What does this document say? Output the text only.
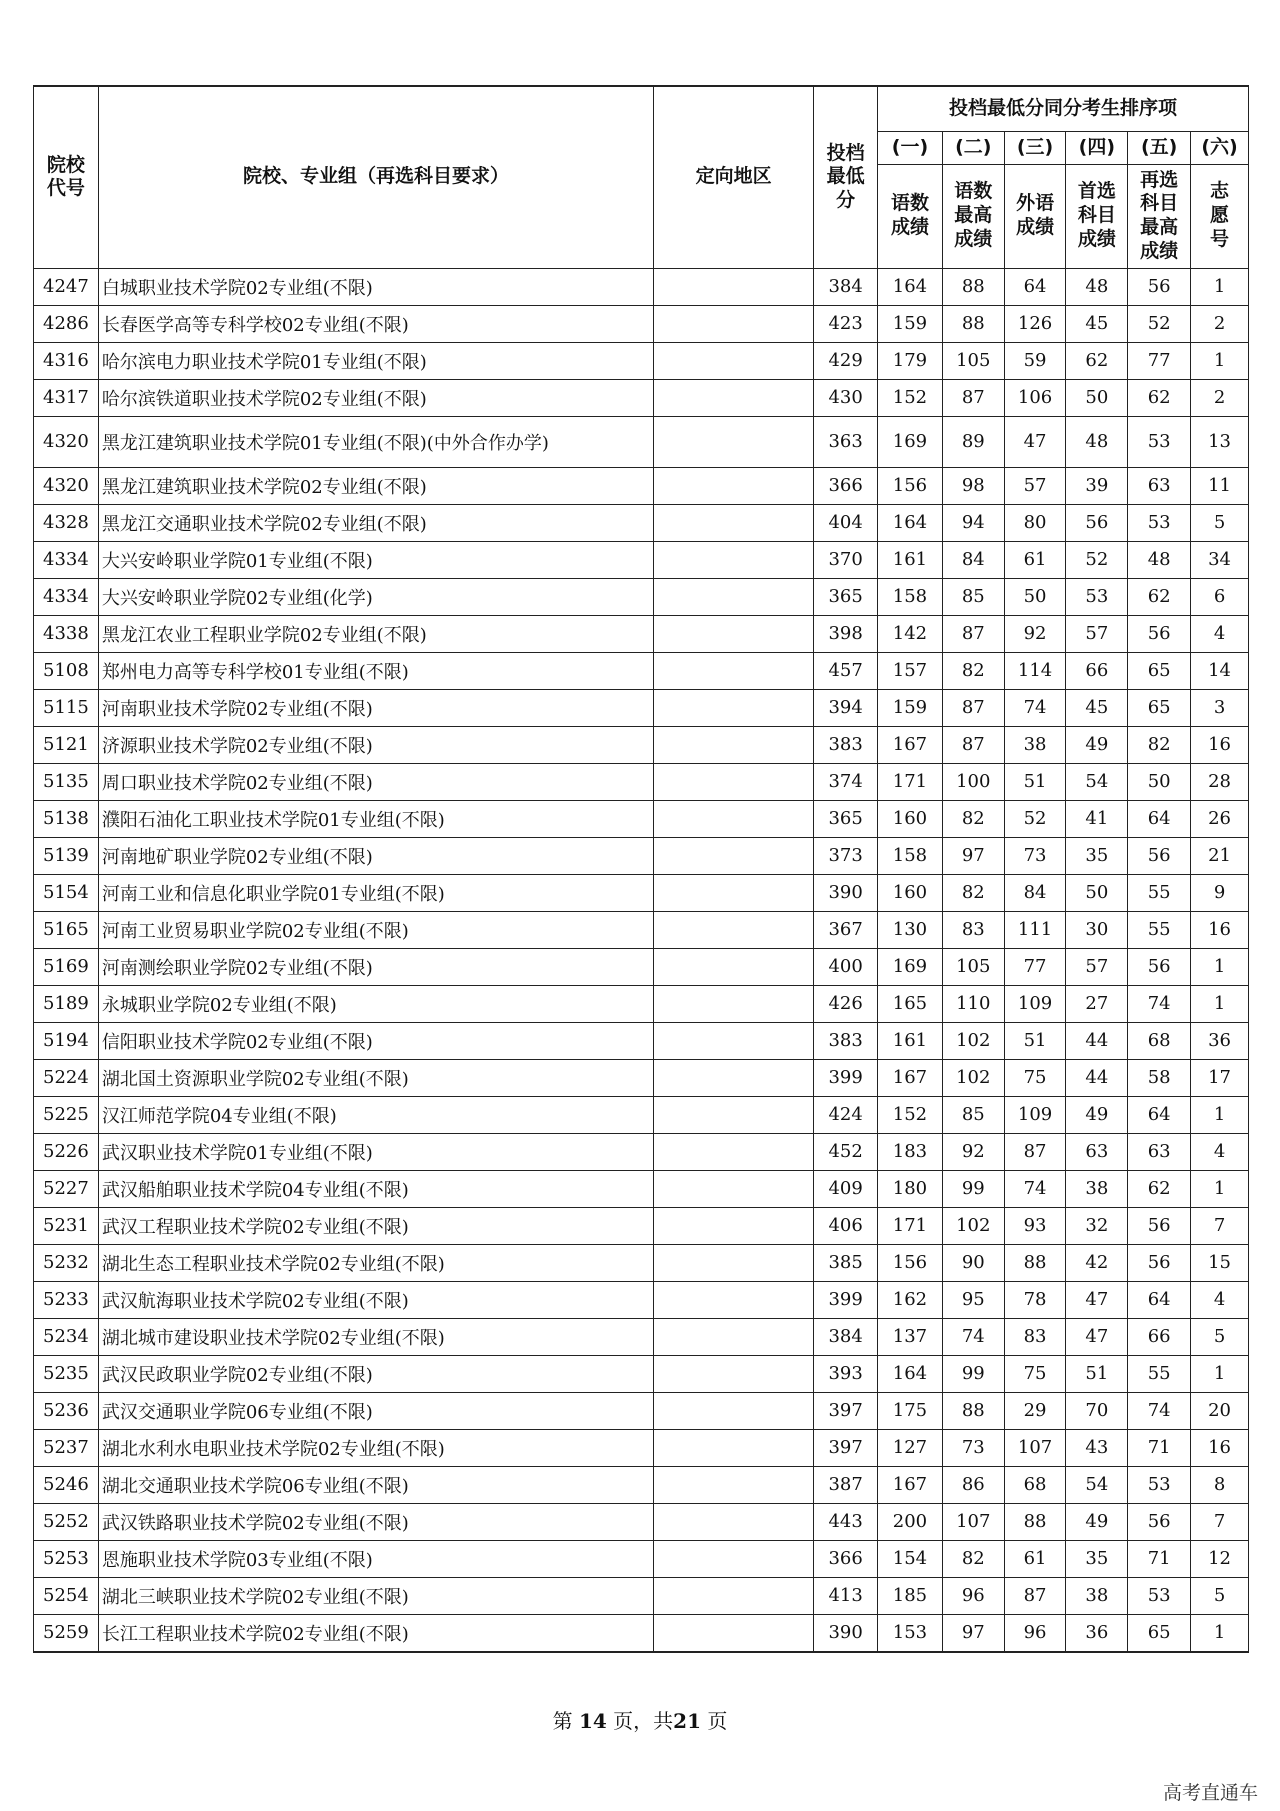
院校代号	院校、专业组（再选科目要求）	定向地区	投档最低分	投档最低分同分考生排序项					
				(一)	(二)	(三)	(四)	(五)	(六)
				语数成绩	语数最高成绩	外语成绩	首选科目成绩	再选科目最高成绩	志愿号
4247	白城职业技术学院02专业组(不限)		384	164	88	64	48	56	1
4286	长春医学高等专科学校02专业组(不限)		423	159	88	126	45	52	2
4316	哈尔滨电力职业技术学院01专业组(不限)		429	179	105	59	62	77	1
4317	哈尔滨铁道职业技术学院02专业组(不限)		430	152	87	106	50	62	2
4320	黑龙江建筑职业技术学院01专业组(不限)(中外合作办学)		363	169	89	47	48	53	13
4320	黑龙江建筑职业技术学院02专业组(不限)		366	156	98	57	39	63	11
4328	黑龙江交通职业技术学院02专业组(不限)		404	164	94	80	56	53	5
4334	大兴安岭职业学院01专业组(不限)		370	161	84	61	52	48	34
4334	大兴安岭职业学院02专业组(化学)		365	158	85	50	53	62	6
4338	黑龙江农业工程职业学院02专业组(不限)		398	142	87	92	57	56	4
5108	郑州电力高等专科学校01专业组(不限)		457	157	82	114	66	65	14
5115	河南职业技术学院02专业组(不限)		394	159	87	74	45	65	3
5121	济源职业技术学院02专业组(不限)		383	167	87	38	49	82	16
5135	周口职业技术学院02专业组(不限)		374	171	100	51	54	50	28
5138	濮阳石油化工职业技术学院01专业组(不限)		365	160	82	52	41	64	26
5139	河南地矿职业学院02专业组(不限)		373	158	97	73	35	56	21
5154	河南工业和信息化职业学院01专业组(不限)		390	160	82	84	50	55	9
5165	河南工业贸易职业学院02专业组(不限)		367	130	83	111	30	55	16
5169	河南测绘职业学院02专业组(不限)		400	169	105	77	57	56	1
5189	永城职业学院02专业组(不限)		426	165	110	109	27	74	1
5194	信阳职业技术学院02专业组(不限)		383	161	102	51	44	68	36
5224	湖北国土资源职业学院02专业组(不限)		399	167	102	75	44	58	17
5225	汉江师范学院04专业组(不限)		424	152	85	109	49	64	1
5226	武汉职业技术学院01专业组(不限)		452	183	92	87	63	63	4
5227	武汉船舶职业技术学院04专业组(不限)		409	180	99	74	38	62	1
5231	武汉工程职业技术学院02专业组(不限)		406	171	102	93	32	56	7
5232	湖北生态工程职业技术学院02专业组(不限)		385	156	90	88	42	56	15
5233	武汉航海职业技术学院02专业组(不限)		399	162	95	78	47	64	4
5234	湖北城市建设职业技术学院02专业组(不限)		384	137	74	83	47	66	5
5235	武汉民政职业学院02专业组(不限)		393	164	99	75	51	55	1
5236	武汉交通职业学院06专业组(不限)		397	175	88	29	70	74	20
5237	湖北水利水电职业技术学院02专业组(不限)		397	127	73	107	43	71	16
5246	湖北交通职业技术学院06专业组(不限)		387	167	86	68	54	53	8
5252	武汉铁路职业技术学院02专业组(不限)		443	200	107	88	49	56	7
5253	恩施职业技术学院03专业组(不限)		366	154	82	61	35	71	12
5254	湖北三峡职业技术学院02专业组(不限)		413	185	96	87	38	53	5
5259	长江工程职业技术学院02专业组(不限)		390	153	97	96	36	65	1
第 14 页，共21 页
高考直通车
